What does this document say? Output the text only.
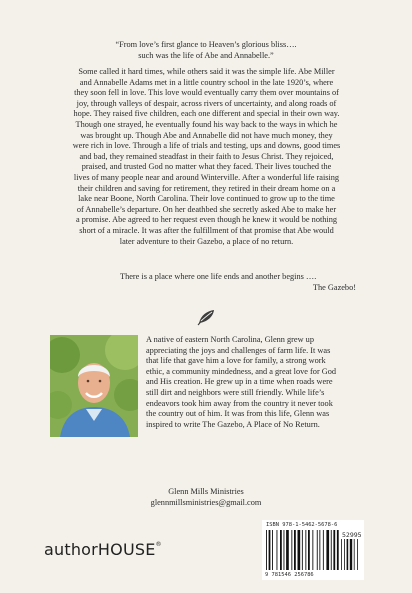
“From love’s first glance to Heaven’s glorious bliss….
such was the life of Abe and Annabelle.”
Some called it hard times, while others said it was the simple life. Abe Miller
and Annabelle Adams met in a little country school in the late 1920’s, where
they soon fell in love. This love would eventually carry them over mountains of
joy, through valleys of despair, across rivers of uncertainty, and along roads of
hope. They raised five children, each one different and special in their own way.
Though one strayed, he eventually found his way back to the ways in which he
was brought up. Though Abe and Annabelle did not have much money, they
were rich in love. Through a life of trials and testing, ups and downs, good times
and bad, they remained steadfast in their faith to Jesus Christ. They rejoiced,
praised, and trusted God no matter what they faced. Their lives touched the
lives of many people near and around Winterville. After a wonderful life raising
their children and saving for retirement, they retired in their dream home on a
lake near Boone, North Carolina. Their love continued to grow up to the time
of Annabelle’s departure. On her deathbed she secretly asked Abe to make her
a promise. Abe agreed to her request even though he knew it would be nothing
short of a miracle. It was after the fulfillment of that promise that Abe would
later adventure to their Gazebo, a place of no return.
There is a place where one life ends and another begins ….
The Gazebo!
A native of eastern North Carolina, Glenn grew up
appreciating the joys and challenges of farm life. It was
that life that gave him a love for family, a strong work
ethic, a community mindedness, and a great love for God
and His creation. He grew up in a time when roads were
still dirt and neighbors were still friendly. While life’s
endeavors took him away from the country it never took
the country out of him. It was from this life, Glenn was
inspired to write The Gazebo, A Place of No Return.
Glenn Mills Ministries
glennmillsministries@gmail.com
authorHOUSE®
ISBN 978-1-5462-5678-6
52995
9 781546 256786
